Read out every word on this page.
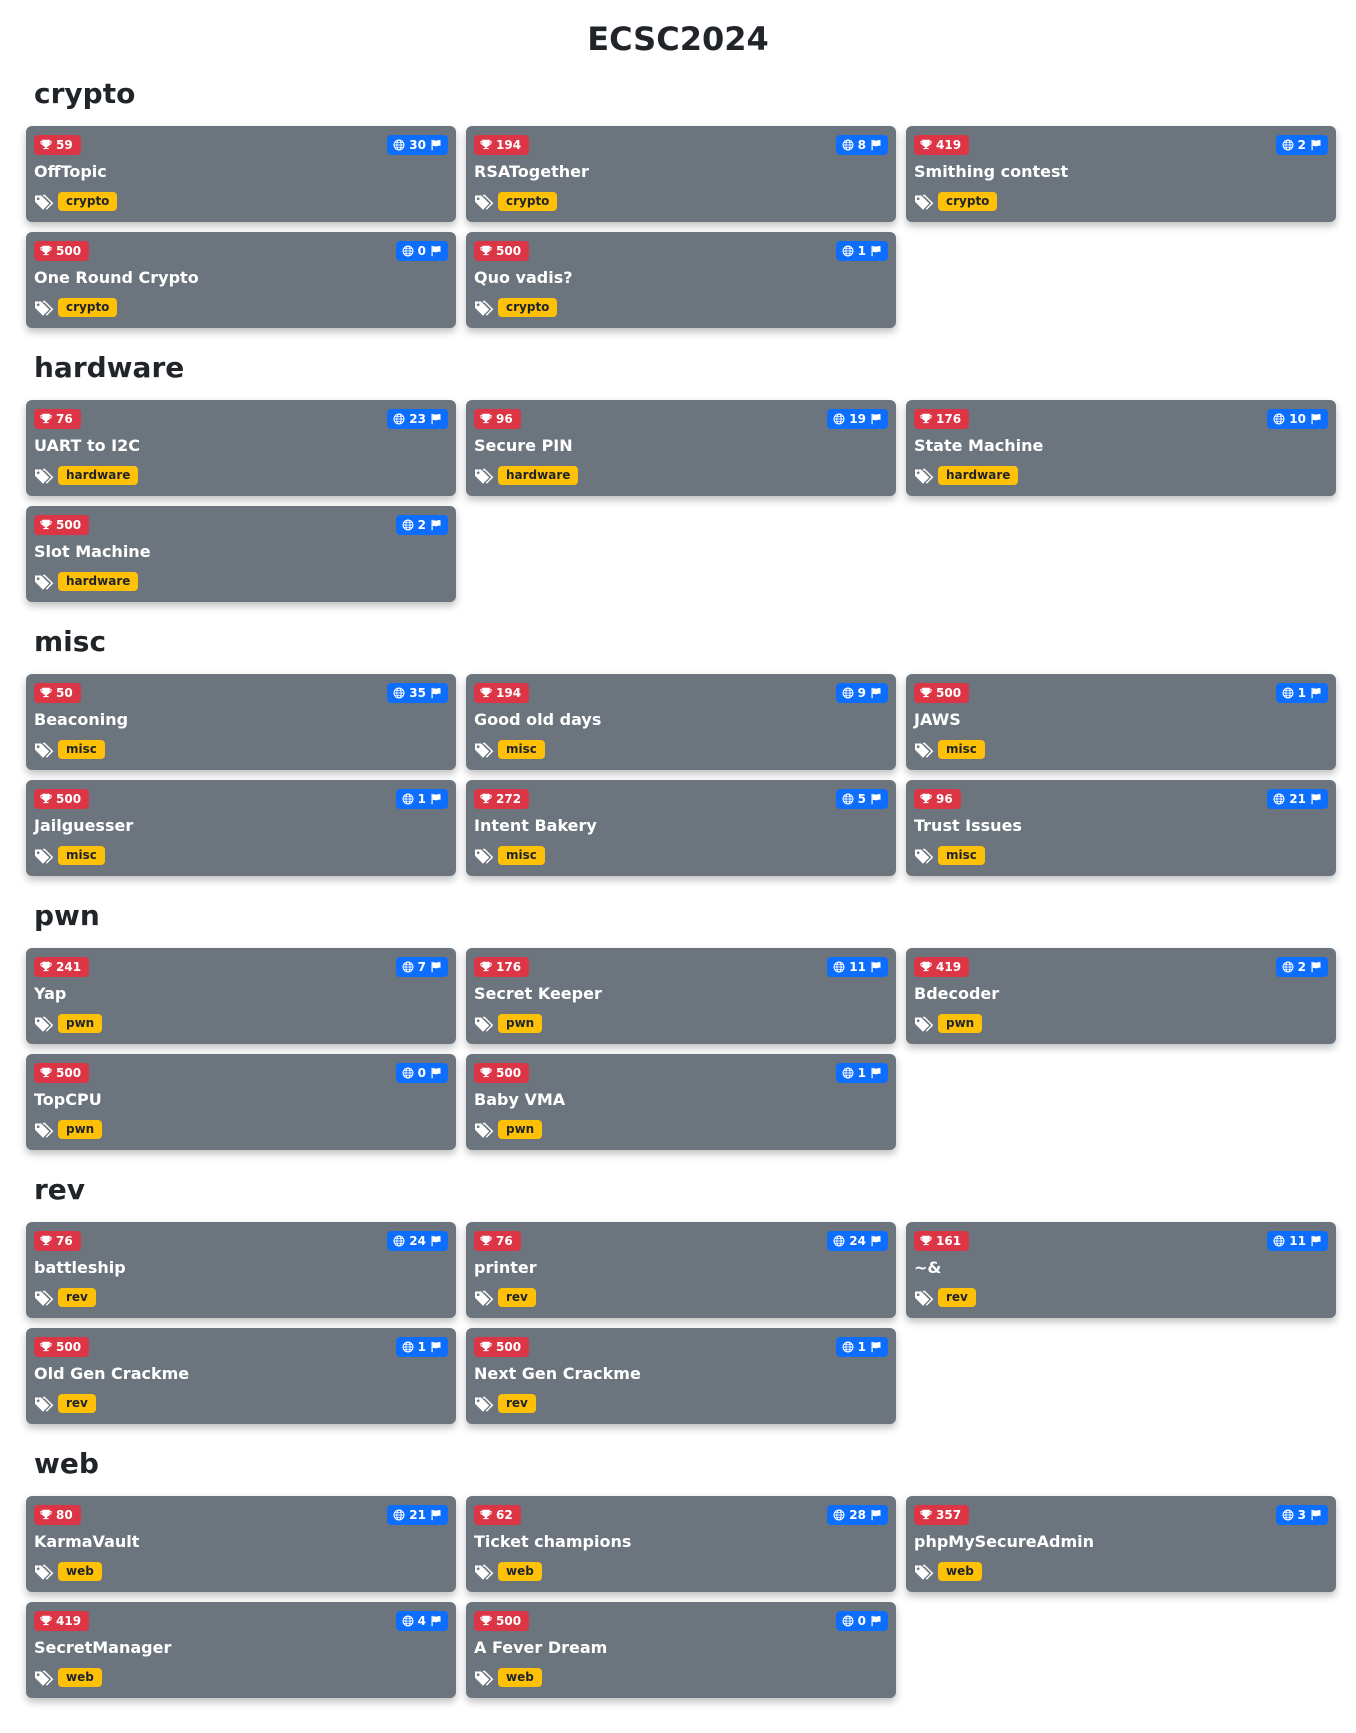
ECSC2024
crypto
59	30
OffTopic
crypto
194	8
RSATogether
crypto
419	2
Smithing contest
crypto
500	0
One Round Crypto
crypto
500	1
Quo vadis?
crypto
hardware
76	23
UART to I2C
hardware
96	19
Secure PIN
hardware
176	10
State Machine
hardware
500	2
Slot Machine
hardware
misc
50	35
Beaconing
misc
194	9
Good old days
misc
500	1
JAWS
misc
500	1
Jailguesser
misc
272	5
Intent Bakery
misc
96	21
Trust Issues
misc
pwn
241	7
Yap
pwn
176	11
Secret Keeper
pwn
419	2
Bdecoder
pwn
500	0
TopCPU
pwn
500	1
Baby VMA
pwn
rev
76	24
battleship
rev
76	24
printer
rev
161	11
~&
rev
500	1
Old Gen Crackme
rev
500	1
Next Gen Crackme
rev
web
80	21
KarmaVault
web
62	28
Ticket champions
web
357	3
phpMySecureAdmin
web
419	4
SecretManager
web
500	0
A Fever Dream
web
